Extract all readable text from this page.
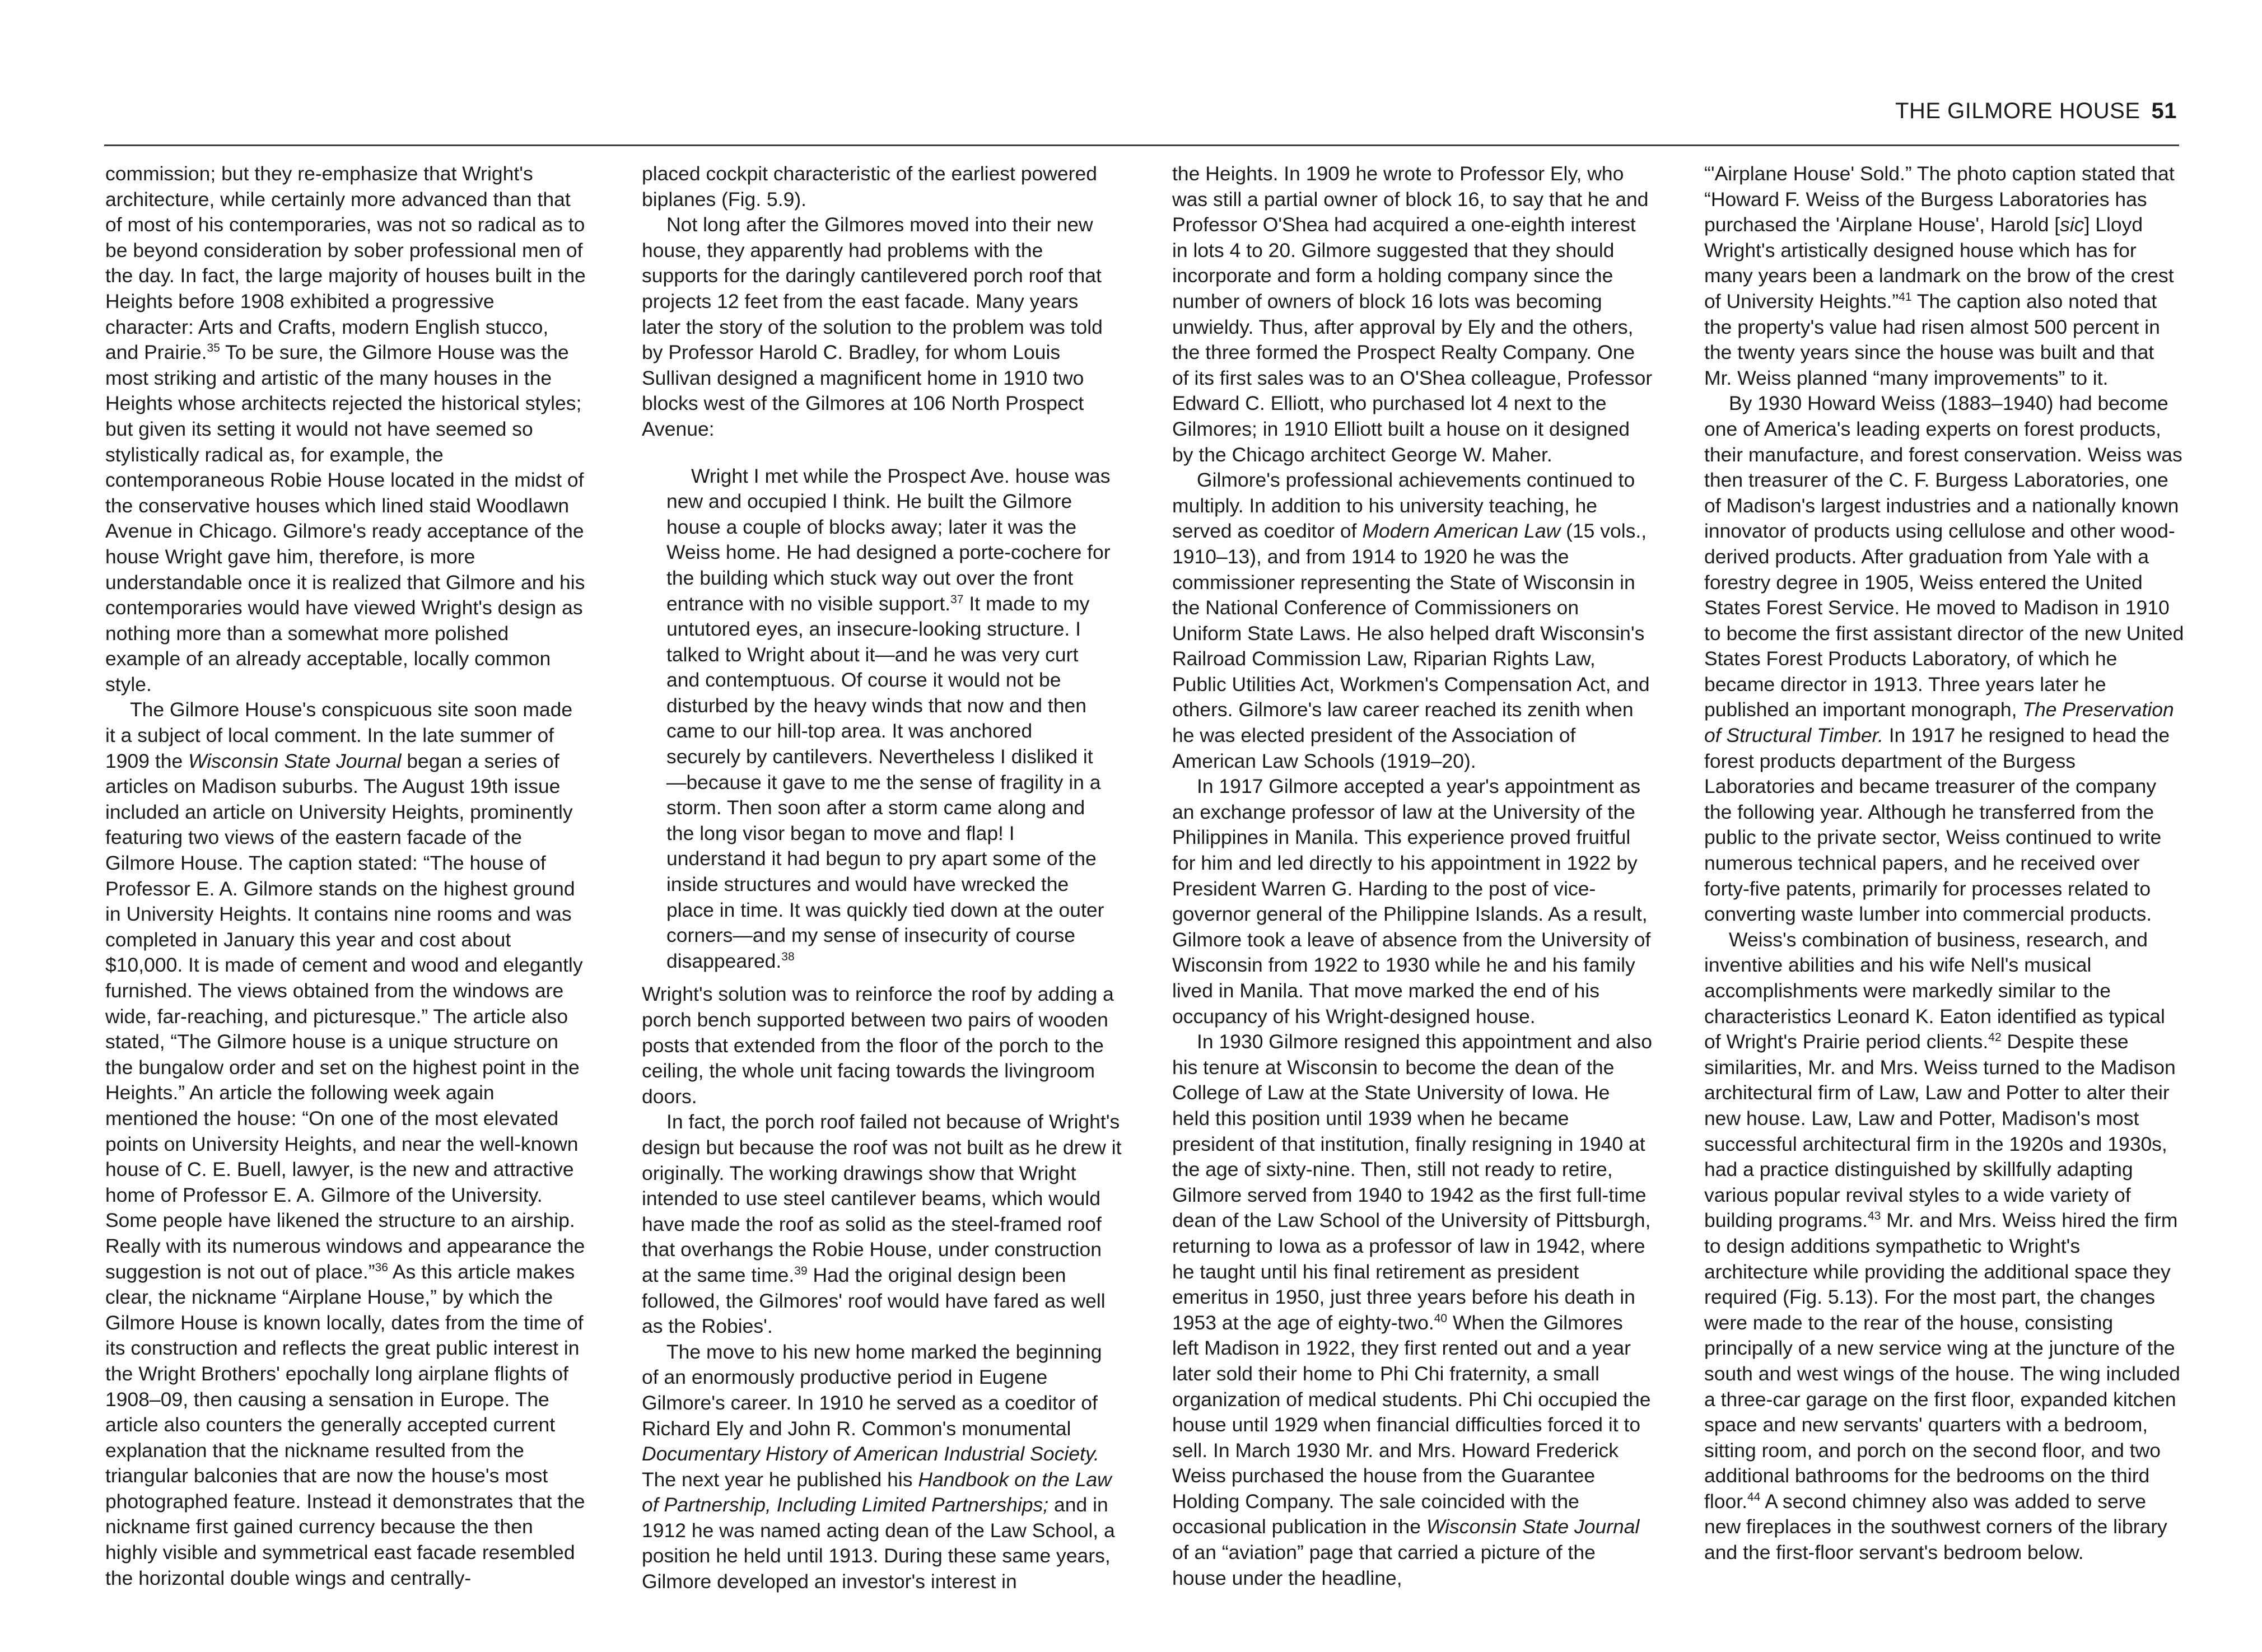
THE GILMORE HOUSE 51

commission; but they re-emphasize that Wright's architecture, while certainly more advanced than that of most of his contemporaries, was not so radical as to be beyond consideration by sober professional men of the day. In fact, the large majority of houses built in the Heights before 1908 exhibited a progressive character: Arts and Crafts, modern English stucco, and Prairie.$^{35}$ To be sure, the Gilmore House was the most striking and artistic of the many houses in the Heights whose architects rejected the historical styles; but given its setting it would not have seemed so stylistically radical as, for example, the contemporaneous Robie House located in the midst of the conservative houses which lined staid Woodlawn Avenue in Chicago. Gilmore's ready acceptance of the house Wright gave him, therefore, is more understandable once it is realized that Gilmore and his contemporaries would have viewed Wright's design as nothing more than a somewhat more polished example of an already acceptable, locally common style.

The Gilmore House's conspicuous site soon made it a subject of local comment. In the late summer of 1909 the Wisconsin State Journal began a series of articles on Madison suburbs. The August 19th issue included an article on University Heights, prominently featuring two views of the eastern facade of the Gilmore House. The caption stated: “The house of Professor E. A. Gilmore stands on the highest ground in University Heights. It contains nine rooms and was completed in January this year and cost about $10,000. It is made of cement and wood and elegantly furnished. The views obtained from the windows are wide, far-reaching, and picturesque.” The article also stated, “The Gilmore house is a unique structure on the bungalow order and set on the highest point in the Heights.” An article the following week again mentioned the house: “On one of the most elevated points on University Heights, and near the well-known house of C. E. Buell, lawyer, is the new and attractive home of Professor E. A. Gilmore of the University. Some people have likened the structure to an airship. Really with its numerous windows and appearance the suggestion is not out of place.”$^{36}$ As this article makes clear, the nickname “Airplane House,” by which the Gilmore House is known locally, dates from the time of its construction and reflects the great public interest in the Wright Brothers' epochally long airplane flights of 1908–09, then causing a sensation in Europe. The article also counters the generally accepted current explanation that the nickname resulted from the triangular balconies that are now the house's most photographed feature. Instead it demonstrates that the nickname first gained currency because the then highly visible and symmetrical east facade resembled the horizontal double wings and centrally-

placed cockpit characteristic of the earliest powered biplanes (Fig. 5.9).

Not long after the Gilmores moved into their new house, they apparently had problems with the supports for the daringly cantilevered porch roof that projects 12 feet from the east facade. Many years later the story of the solution to the problem was told by Professor Harold C. Bradley, for whom Louis Sullivan designed a magnificent home in 1910 two blocks west of the Gilmores at 106 North Prospect Avenue:

Wright I met while the Prospect Ave. house was new and occupied I think. He built the Gilmore house a couple of blocks away; later it was the Weiss home. He had designed a porte-cochere for the building which stuck way out over the front entrance with no visible support.$^{37}$ It made to my untutored eyes, an insecure-looking structure. I talked to Wright about it—and he was very curt and contemptuous. Of course it would not be disturbed by the heavy winds that now and then came to our hill-top area. It was anchored securely by cantilevers. Nevertheless I disliked it—because it gave to me the sense of fragility in a storm. Then soon after a storm came along and the long visor began to move and flap! I understand it had begun to pry apart some of the inside structures and would have wrecked the place in time. It was quickly tied down at the outer corners—and my sense of insecurity of course disappeared.$^{38}$

Wright's solution was to reinforce the roof by adding a porch bench supported between two pairs of wooden posts that extended from the floor of the porch to the ceiling, the whole unit facing towards the livingroom doors.

In fact, the porch roof failed not because of Wright's design but because the roof was not built as he drew it originally. The working drawings show that Wright intended to use steel cantilever beams, which would have made the roof as solid as the steel-framed roof that overhangs the Robie House, under construction at the same time.$^{39}$ Had the original design been followed, the Gilmores' roof would have fared as well as the Robies'.

The move to his new home marked the beginning of an enormously productive period in Eugene Gilmore's career. In 1910 he served as a coeditor of Richard Ely and John R. Common's monumental Documentary History of American Industrial Society. The next year he published his Handbook on the Law of Partnership, Including Limited Partnerships; and in 1912 he was named acting dean of the Law School, a position he held until 1913. During these same years, Gilmore developed an investor's interest in

the Heights. In 1909 he wrote to Professor Ely, who was still a partial owner of block 16, to say that he and Professor O'Shea had acquired a one-eighth interest in lots 4 to 20. Gilmore suggested that they should incorporate and form a holding company since the number of owners of block 16 lots was becoming unwieldy. Thus, after approval by Ely and the others, the three formed the Prospect Realty Company. One of its first sales was to an O'Shea colleague, Professor Edward C. Elliott, who purchased lot 4 next to the Gilmores; in 1910 Elliott built a house on it designed by the Chicago architect George W. Maher.

Gilmore's professional achievements continued to multiply. In addition to his university teaching, he served as coeditor of Modern American Law (15 vols., 1910–13), and from 1914 to 1920 he was the commissioner representing the State of Wisconsin in the National Conference of Commissioners on Uniform State Laws. He also helped draft Wisconsin's Railroad Commission Law, Riparian Rights Law, Public Utilities Act, Workmen's Compensation Act, and others. Gilmore's law career reached its zenith when he was elected president of the Association of American Law Schools (1919–20).

In 1917 Gilmore accepted a year's appointment as an exchange professor of law at the University of the Philippines in Manila. This experience proved fruitful for him and led directly to his appointment in 1922 by President Warren G. Harding to the post of vice-governor general of the Philippine Islands. As a result, Gilmore took a leave of absence from the University of Wisconsin from 1922 to 1930 while he and his family lived in Manila. That move marked the end of his occupancy of his Wright-designed house.

In 1930 Gilmore resigned this appointment and also his tenure at Wisconsin to become the dean of the College of Law at the State University of Iowa. He held this position until 1939 when he became president of that institution, finally resigning in 1940 at the age of sixty-nine. Then, still not ready to retire, Gilmore served from 1940 to 1942 as the first full-time dean of the Law School of the University of Pittsburgh, returning to Iowa as a professor of law in 1942, where he taught until his final retirement as president emeritus in 1950, just three years before his death in 1953 at the age of eighty-two.$^{40}$ When the Gilmores left Madison in 1922, they first rented out and a year later sold their home to Phi Chi fraternity, a small organization of medical students. Phi Chi occupied the house until 1929 when financial difficulties forced it to sell. In March 1930 Mr. and Mrs. Howard Frederick Weiss purchased the house from the Guarantee Holding Company. The sale coincided with the occasional publication in the Wisconsin State Journal of an “aviation” page that carried a picture of the house under the headline,

“'Airplane House' Sold.” The photo caption stated that “Howard F. Weiss of the Burgess Laboratories has purchased the 'Airplane House', Harold [sic] Lloyd Wright's artistically designed house which has for many years been a landmark on the brow of the crest of University Heights.”$^{41}$ The caption also noted that the property's value had risen almost 500 percent in the twenty years since the house was built and that Mr. Weiss planned “many improvements” to it.

By 1930 Howard Weiss (1883–1940) had become one of America's leading experts on forest products, their manufacture, and forest conservation. Weiss was then treasurer of the C. F. Burgess Laboratories, one of Madison's largest industries and a nationally known innovator of products using cellulose and other wood-derived products. After graduation from Yale with a forestry degree in 1905, Weiss entered the United States Forest Service. He moved to Madison in 1910 to become the first assistant director of the new United States Forest Products Laboratory, of which he became director in 1913. Three years later he published an important monograph, The Preservation of Structural Timber. In 1917 he resigned to head the forest products department of the Burgess Laboratories and became treasurer of the company the following year. Although he transferred from the public to the private sector, Weiss continued to write numerous technical papers, and he received over forty-five patents, primarily for processes related to converting waste lumber into commercial products.

Weiss's combination of business, research, and inventive abilities and his wife Nell's musical accomplishments were markedly similar to the characteristics Leonard K. Eaton identified as typical of Wright's Prairie period clients.$^{42}$ Despite these similarities, Mr. and Mrs. Weiss turned to the Madison architectural firm of Law, Law and Potter to alter their new house. Law, Law and Potter, Madison's most successful architectural firm in the 1920s and 1930s, had a practice distinguished by skillfully adapting various popular revival styles to a wide variety of building programs.$^{43}$ Mr. and Mrs. Weiss hired the firm to design additions sympathetic to Wright's architecture while providing the additional space they required (Fig. 5.13). For the most part, the changes were made to the rear of the house, consisting principally of a new service wing at the juncture of the south and west wings of the house. The wing included a three-car garage on the first floor, expanded kitchen space and new servants' quarters with a bedroom, sitting room, and porch on the second floor, and two additional bathrooms for the bedrooms on the third floor.$^{44}$ A second chimney also was added to serve new fireplaces in the southwest corners of the library and the first-floor servant's bedroom below.
